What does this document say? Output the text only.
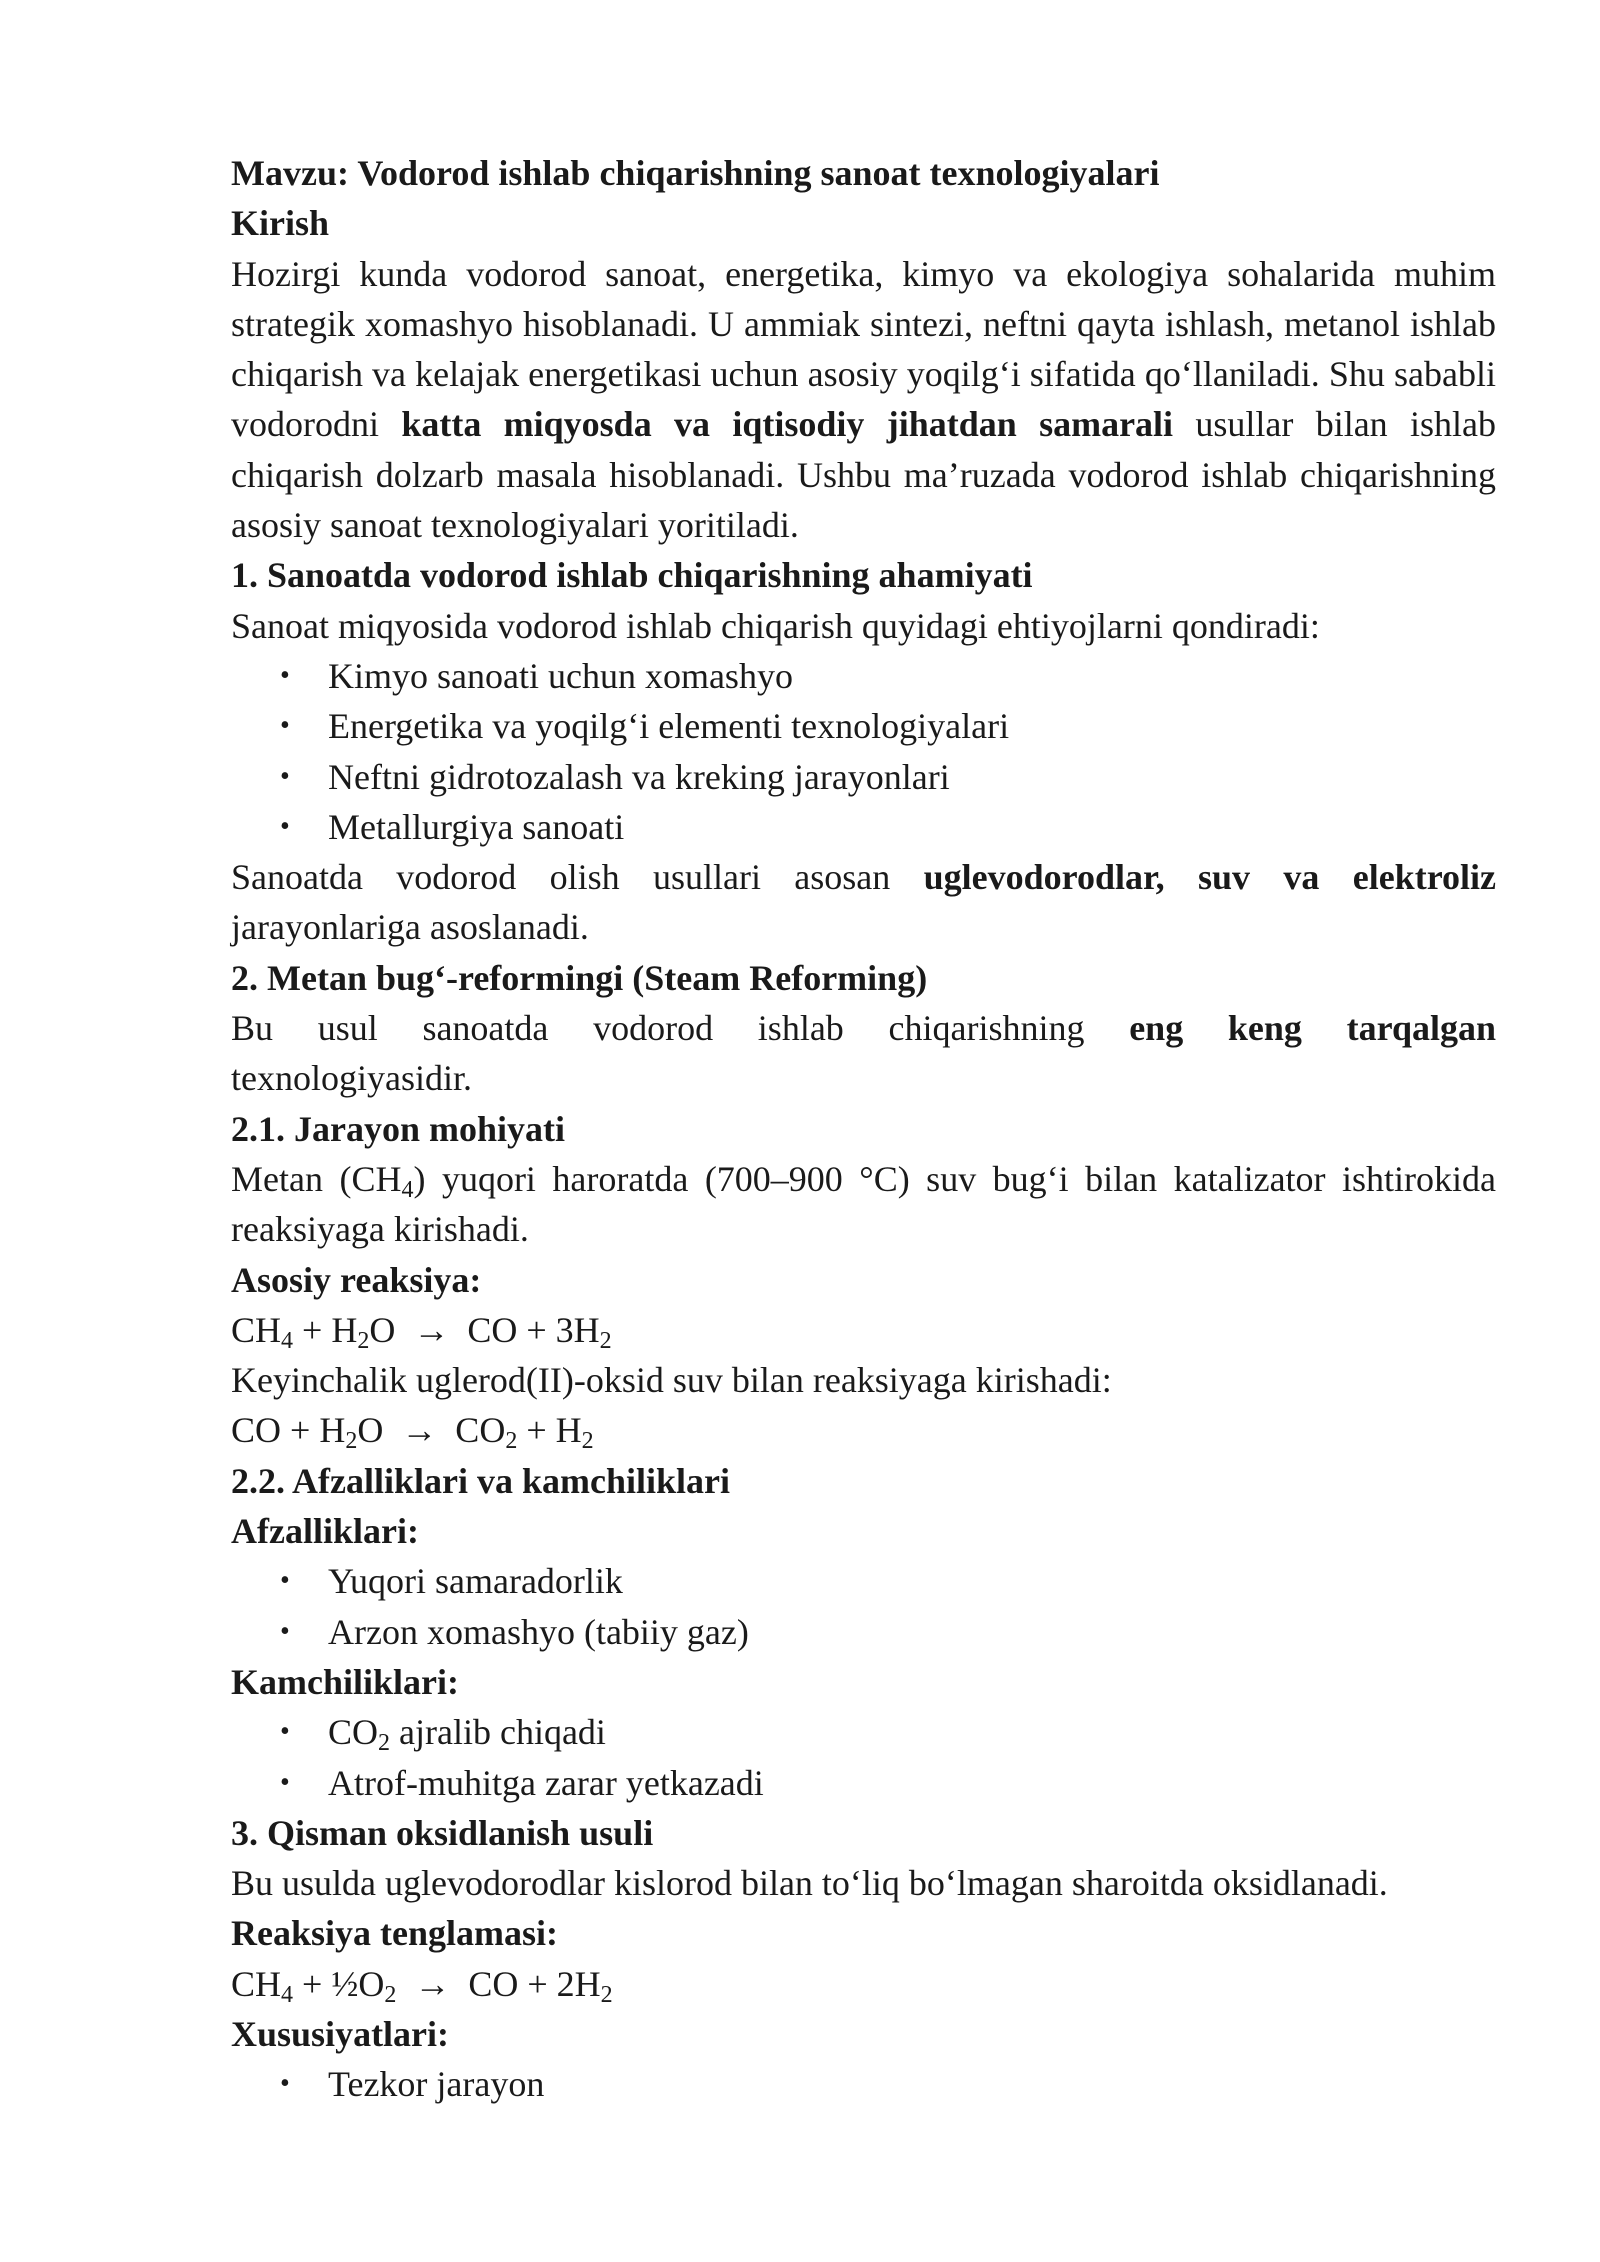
Mavzu: Vodorod ishlab chiqarishning sanoat texnologiyalari
Kirish

Hozirgi kunda vodorod sanoat, energetika, kimyo va ekologiya sohalarida muhim strategik xomashyo hisoblanadi. U ammiak sintezi, neftni qayta ishlash, metanol ishlab chiqarish va kelajak energetikasi uchun asosiy yoqilg‘i sifatida qo‘llaniladi. Shu sababli vodorodni katta miqyosda va iqtisodiy jihatdan samarali usullar bilan ishlab chiqarish dolzarb masala hisoblanadi. Ushbu ma’ruzada vodorod ishlab chiqarishning asosiy sanoat texnologiyalari yoritiladi.

1. Sanoatda vodorod ishlab chiqarishning ahamiyati

Sanoat miqyosida vodorod ishlab chiqarish quyidagi ehtiyojlarni qondiradi:

• Kimyo sanoati uchun xomashyo
• Energetika va yoqilg‘i elementi texnologiyalari
• Neftni gidrotozalash va kreking jarayonlari
• Metallurgiya sanoati

Sanoatda vodorod olish usullari asosan uglevodorodlar, suv va elektroliz jarayonlariga asoslanadi.

2. Metan bug‘-reformingi (Steam Reforming)

Bu usul sanoatda vodorod ishlab chiqarishning eng keng tarqalgan

texnologiyasidir.

2.1. Jarayon mohiyati

Metan $(CH_4)$ yuqori haroratda (700–900 °C) suv bug‘i bilan katalizator ishtirokida reaksiyaga kirishadi.

Asosiy reaksiya:

$CH_4 + H_2O$  →  CO + $3H_2$

Keyinchalik uglerod(II)-oksid suv bilan reaksiyaga kirishadi:

CO + $H_2O \to CO_2 + H_2$

2.2. Afzalliklari va kamchiliklari

Afzalliklari:

• Yuqori samaradorlik
• Arzon xomashyo (tabiiy gaz)

Kamchiliklari:

• $CO_2$ ajralib chiqadi
• Atrof-muhitga zarar yetkazadi
3. Qisman oksidlanish usuli

Bu usulda uglevodorodlar kislorod bilan to‘liq bo‘lmagan sharoitda oksidlanadi.

Reaksiya tenglamasi:

$CH_4$ + $\frac{1}{2}O_2$  →  CO + $2H_2$

Xususiyatlari:

• Tezkor jarayon
